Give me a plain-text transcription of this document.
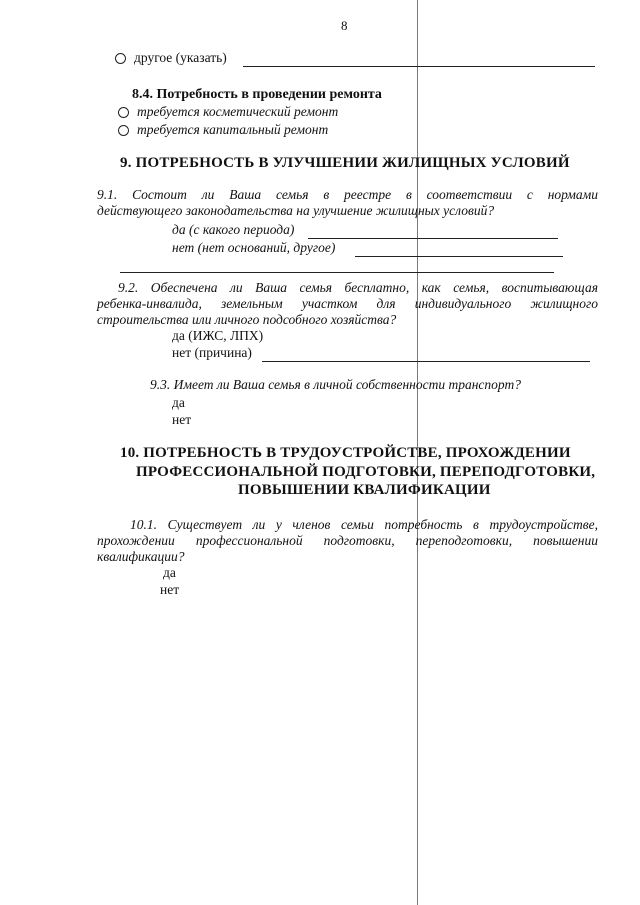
8
другое (указать)
8.4. Потребность в проведении ремонта
требуется косметический ремонт
требуется капитальный ремонт
9. ПОТРЕБНОСТЬ В УЛУЧШЕНИИ ЖИЛИЩНЫХ УСЛОВИЙ
9.1. Состоит ли Ваша семья в реестре в соответствии с нормами
действующего законодательства на улучшение жилищных условий?
да (с какого периода)
нет (нет оснований, другое)
9.2. Обеспечена ли Ваша семья бесплатно, как семья, воспитывающая
ребенка-инвалида, земельным участком для индивидуального жилищного
строительства или личного подсобного хозяйства?
да (ИЖС, ЛПХ)
нет (причина)
9.3. Имеет ли Ваша семья в личной собственности транспорт?
да
нет
10. ПОТРЕБНОСТЬ В ТРУДОУСТРОЙСТВЕ, ПРОХОЖДЕНИИ
ПРОФЕССИОНАЛЬНОЙ ПОДГОТОВКИ, ПЕРЕПОДГОТОВКИ,
ПОВЫШЕНИИ КВАЛИФИКАЦИИ
10.1. Существует ли у членов семьи потребность в трудоустройстве,
прохождении профессиональной подготовки, переподготовки, повышении
квалификации?
да
нет
